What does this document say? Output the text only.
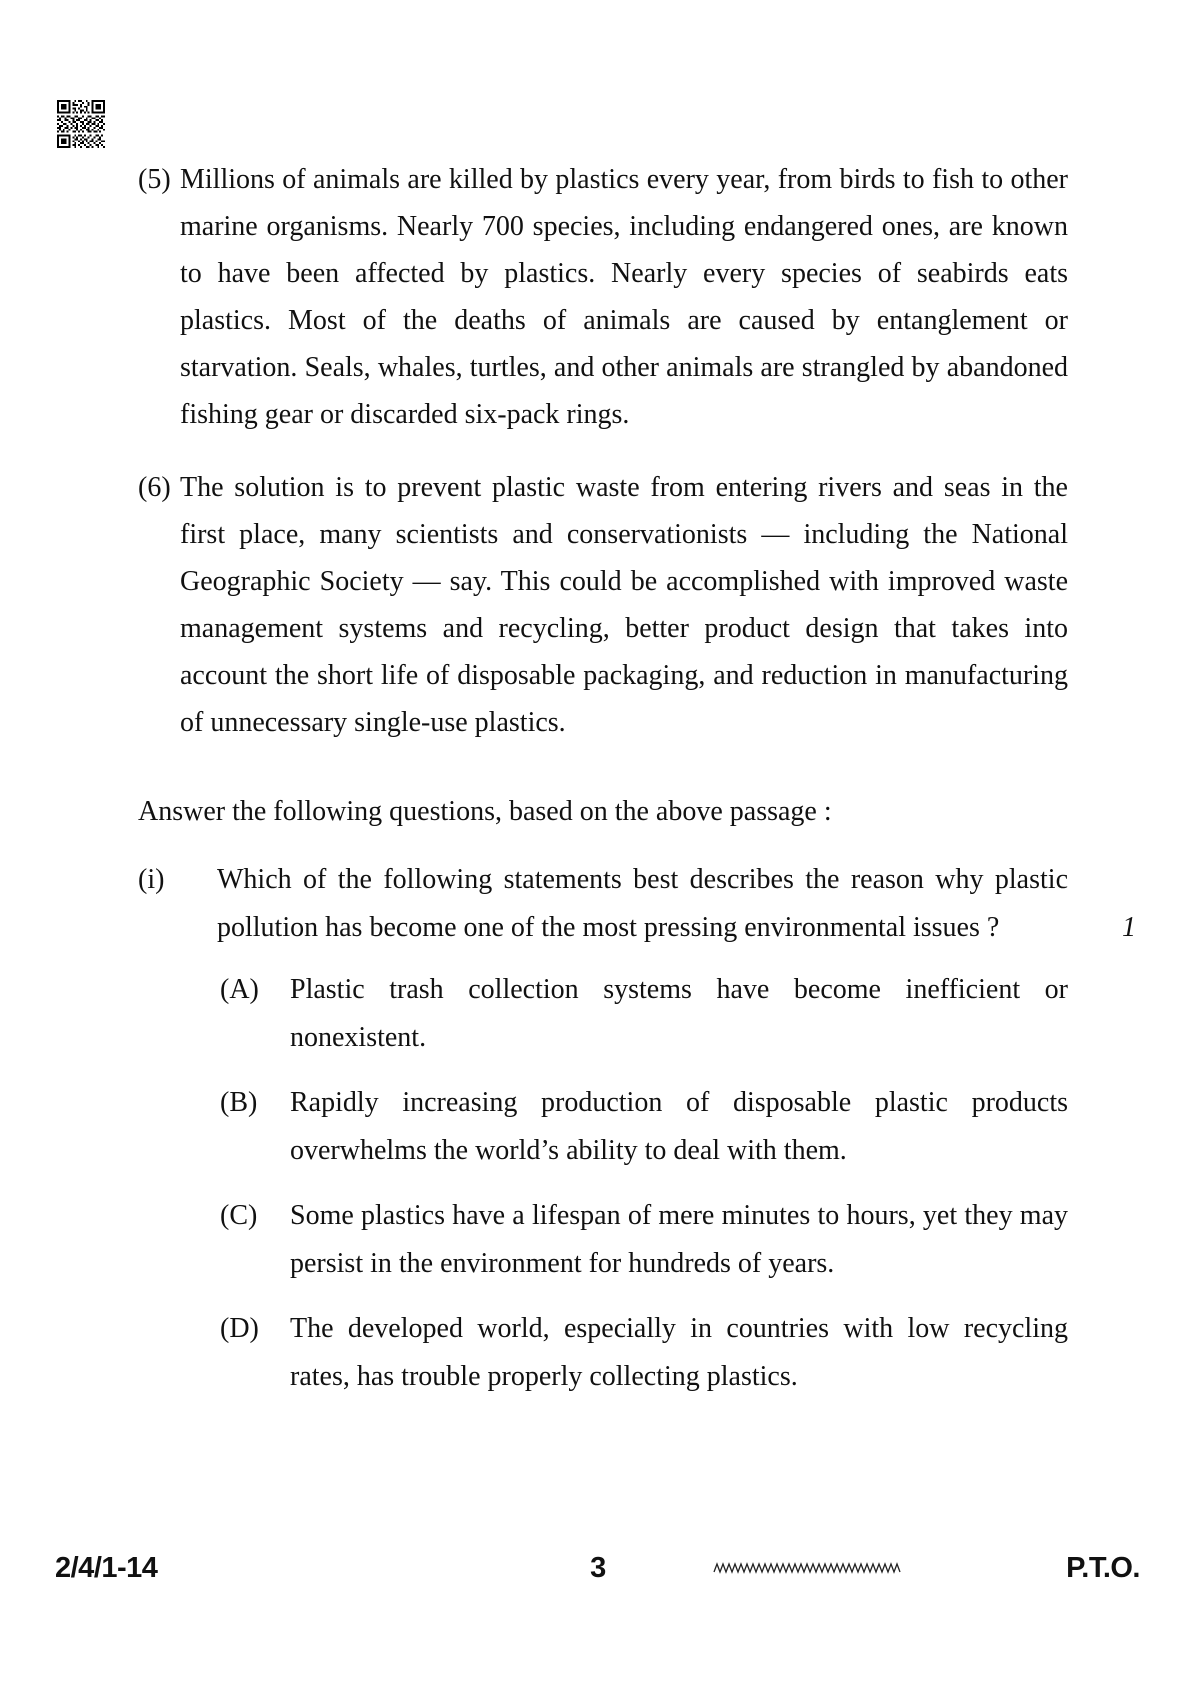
(5) Millions of animals are killed by plastics every year, from birds to fish to other marine organisms. Nearly 700 species, including endangered ones, are known to have been affected by plastics. Nearly every species of seabirds eats plastics. Most of the deaths of animals are caused by entanglement or starvation. Seals, whales, turtles, and other animals are strangled by abandoned fishing gear or discarded six-pack rings.
(6) The solution is to prevent plastic waste from entering rivers and seas in the first place, many scientists and conservationists — including the National Geographic Society — say. This could be accomplished with improved waste management systems and recycling, better product design that takes into account the short life of disposable packaging, and reduction in manufacturing of unnecessary single-use plastics.
Answer the following questions, based on the above passage :
(i)	Which of the following statements best describes the reason why plastic pollution has become one of the most pressing environmental issues ?	1
(A)	Plastic trash collection systems have become inefficient or nonexistent.
(B)	Rapidly increasing production of disposable plastic products overwhelms the world’s ability to deal with them.
(C)	Some plastics have a lifespan of mere minutes to hours, yet they may persist in the environment for hundreds of years.
(D)	The developed world, especially in countries with low recycling rates, has trouble properly collecting plastics.
2/4/1-14	3	P.T.O.
